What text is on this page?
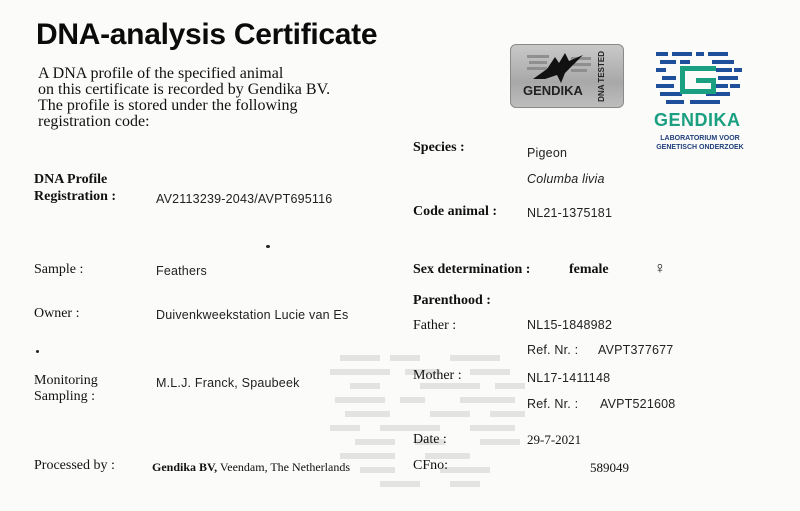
DNA-analysis Certificate
A DNA profile of the specified animal
on this certificate is recorded by Gendika BV.
The profile is stored under the following
registration code:
GENDIKA DNA TESTED
GENDIKA
LABORATORIUM VOOR
GENETISCH ONDERZOEK
DNA Profile
Registration :	AV2113239-2043/AVPT695116
Sample :	Feathers
Owner :	Duivenkweekstation Lucie van Es
Monitoring
Sampling :
M.L.J. Franck, Spaubeek
Processed by :	Gendika BV, Veendam, The Netherlands
Species :	Pigeon
Columba livia
Code animal : NL21-1375181
Sex determination :	female	♀
Parenthood :
Father :	NL15-1848982
Ref. Nr. : AVPT377677
Mother :	NL17-1411148
Ref. Nr. : AVPT521608
Date :	29-7-2021
CFno:	589049
